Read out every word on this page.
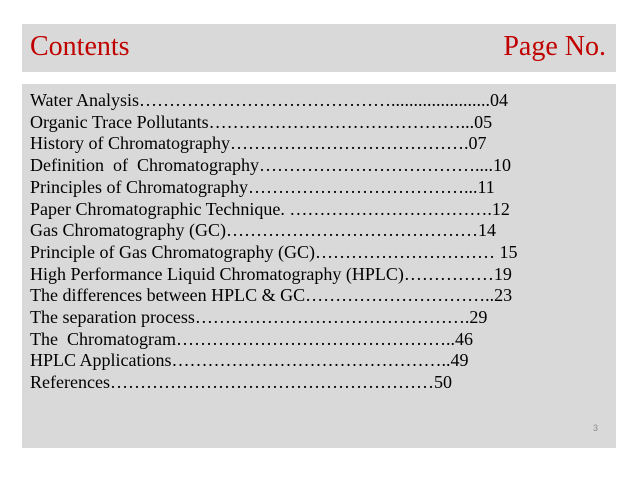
Contents	Page No.
Water Analysis……………………………………......................04
Organic Trace Pollutants……………………………………...05
History of Chromatography………………………………….07
Definition  of  Chromatography………………………………....10
Principles of Chromatography………………………………...11
Paper Chromatographic Technique. …………………………….12
Gas Chromatography (GC)……………………………………14
Principle of Gas Chromatography (GC)………………………… 15
High Performance Liquid Chromatography (HPLC)……………19
The differences between HPLC & GC…………………………..23
The separation process……………………………………….29
The  Chromatogram………………………………………..46
HPLC Applications………………………………………..49
References………………………………………………50
3
